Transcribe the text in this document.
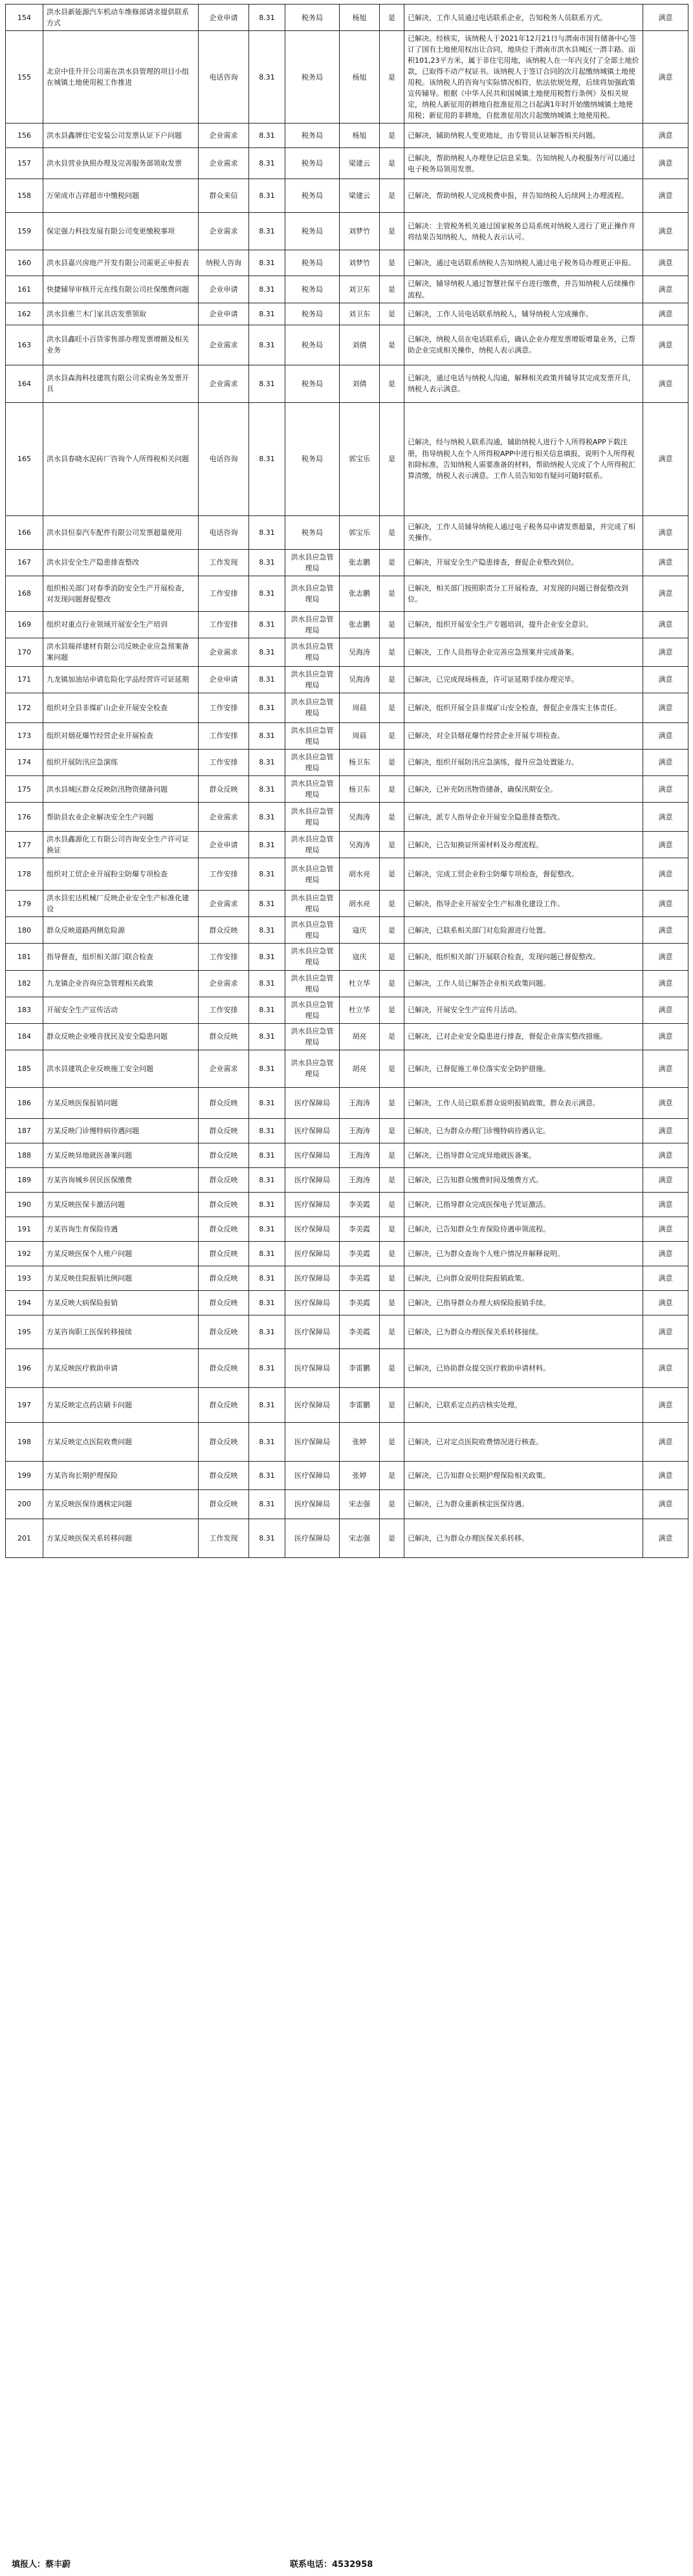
154	洪水县新能源汽车机动车维修部请求提供联系方式	企业申请	8.31	税务局	杨旭	是	已解决，工作人员通过电话联系企业，告知税务人员联系方式。	满意
155	北京中佳升开公司需在洪水县管理的项目小组在城镇土地使用税工作推进	电话咨询	8.31	税务局	杨旭	是	已解决。经核实，该纳税人于2021年12月21日与渭南市国有储备中心签订了国有土地使用权出让合同，地块位于渭南市洪水县城区一渭丰路。面积101,23平方米，属于非住宅用地，该纳税人在一年内支付了全部土地价款，已取得不动产权证书。该纳税人于签订合同的次月起缴纳城镇土地使用税。该纳税人的咨询与实际情况相符，依法依规处理，后续将加强政策宣传辅导。根据《中华人民共和国城镇土地使用税暂行条例》及相关规定，纳税人新征用的耕地自批准征用之日起满1年时开始缴纳城镇土地使用税；新征用的非耕地，自批准征用次月起缴纳城镇土地使用税。	满意
156	洪水县鑫牌住宅安装公司发票认证下户问题	企业需求	8.31	税务局	杨旭	是	已解决，辅助纳税人变更地址，由专管员认证解答相关问题。	满意
157	洪水县营业执照办理及完善服务部领取发票	企业需求	8.31	税务局	梁建云	是	已解决，帮助纳税人办理登记信息采集。告知纳税人办税服务厅可以通过电子税务局领用发票。	满意
158	万荣成市吉祥超市中缴税问题	群众来信	8.31	税务局	梁建云	是	已解决，帮助纳税人完成税费申报，并告知纳税人后续网上办理流程。	满意
159	保定强力科技发展有限公司变更缴税事项	企业需求	8.31	税务局	刘梦竹	是	已解决：主管税务机关通过国家税务总局系统对纳税人进行了更正操作并将结果告知纳税人，纳税人表示认可。	满意
160	洪水县嘉兴房地产开发有限公司需更正申报表	纳税人咨询	8.31	税务局	刘梦竹	是	已解决，通过电话联系纳税人告知纳税人通过电子税务局办理更正申报。	满意
161	快捷辅导审核开元在线有限公司社保缴费问题	企业申请	8.31	税务局	刘卫东	是	已解决，辅导纳税人通过智慧社保平台进行缴费，并告知纳税人后续操作流程。	满意
162	洪水县雅兰木门家具店发票领取	企业申请	8.31	税务局	刘卫东	是	已解决，工作人员电话联系纳税人，辅导纳税人完成操作。	满意
163	洪水县鑫旺小百货零售部办理发票增额及相关业务	企业需求	8.31	税务局	刘倩	是	已解决，纳税人员在电话联系后，确认企业办理发票增版增量业务，已帮助企业完成相关操作，纳税人表示满意。	满意
164	洪水县森海科技建筑有限公司采购业务发票开具	企业需求	8.31	税务局	刘倩	是	已解决，通过电话与纳税人沟通，解释相关政策并辅导其完成发票开具，纳税人表示满意。	满意
165	洪水县春晓水泥砖厂咨询个人所得税相关问题	电话咨询	8.31	税务局	郭宝乐	是	已解决，经与纳税人联系沟通，辅助纳税人进行个人所得税APP下载注册，指导纳税人在个人所得税APP中进行相关信息填报，说明个人所得税扣除标准，告知纳税人需要准备的材料，帮助纳税人完成了个人所得税汇算清缴，纳税人表示满意。工作人员告知如有疑问可随时联系。	满意
166	洪水县恒泰汽车配件有限公司发票超量使用	电话咨询	8.31	税务局	郭宝乐	是	已解决，工作人员辅导纳税人通过电子税务局申请发票超量，并完成了相关操作。	满意
167	洪水县安全生产隐患排查整改	工作发现	8.31	洪水县应急管理局	张志鹏	是	已解决，开展安全生产隐患排查，督促企业整改到位。	满意
168	组织相关部门对春季消防安全生产开展检查，对发现问题督促整改	工作安排	8.31	洪水县应急管理局	张志鹏	是	已解决，相关部门按照职责分工开展检查，对发现的问题已督促整改到位。	满意
169	组织对重点行业领域开展安全生产培训	工作安排	8.31	洪水县应急管理局	张志鹏	是	已解决，组织开展安全生产专题培训，提升企业安全意识。	满意
170	洪水县瑞祥建材有限公司反映企业应急预案备案问题	企业需求	8.31	洪水县应急管理局	吴海涛	是	已解决，工作人员指导企业完善应急预案并完成备案。	满意
171	九龙镇加油站申请危险化学品经营许可证延期	企业申请	8.31	洪水县应急管理局	吴海涛	是	已解决，已完成现场核查，许可证延期手续办理完毕。	满意
172	组织对全县非煤矿山企业开展安全检查	工作安排	8.31	洪水县应急管理局	周晨	是	已解决，组织开展全县非煤矿山安全检查，督促企业落实主体责任。	满意
173	组织对烟花爆竹经营企业开展检查	工作安排	8.31	洪水县应急管理局	周晨	是	已解决，对全县烟花爆竹经营企业开展专项检查。	满意
174	组织开展防汛应急演练	工作安排	8.31	洪水县应急管理局	杨卫东	是	已解决，组织开展防汛应急演练，提升应急处置能力。	满意
175	洪水县城区群众反映防汛物资储备问题	群众反映	8.31	洪水县应急管理局	杨卫东	是	已解决，已补充防汛物资储备，确保汛期安全。	满意
176	帮助县农业企业解决安全生产问题	企业需求	8.31	洪水县应急管理局	吴海涛	是	已解决，派专人指导企业开展安全隐患排查整改。	满意
177	洪水县鑫源化工有限公司咨询安全生产许可证换证	企业申请	8.31	洪水县应急管理局	吴海涛	是	已解决，已告知换证所需材料及办理流程。	满意
178	组织对工贸企业开展粉尘防爆专项检查	工作安排	8.31	洪水县应急管理局	胡水亮	是	已解决，完成工贸企业粉尘防爆专项检查，督促整改。	满意
179	洪水县宏达机械厂反映企业安全生产标准化建设	企业需求	8.31	洪水县应急管理局	胡水亮	是	已解决，指导企业开展安全生产标准化建设工作。	满意
180	群众反映道路两侧危险源	群众反映	8.31	洪水县应急管理局	寇庆	是	已解决，已联系相关部门对危险源进行处置。	满意
181	指导督查，组织相关部门联合检查	工作安排	8.31	洪水县应急管理局	寇庆	是	已解决，组织相关部门开展联合检查，发现问题已督促整改。	满意
182	九龙镇企业咨询应急管理相关政策	企业需求	8.31	洪水县应急管理局	杜立华	是	已解决，工作人员已解答企业相关政策问题。	满意
183	开展安全生产宣传活动	工作安排	8.31	洪水县应急管理局	杜立华	是	已解决，开展安全生产宣传月活动。	满意
184	群众反映企业噪音扰民及安全隐患问题	群众反映	8.31	洪水县应急管理局	胡亮	是	已解决，已对企业安全隐患进行排查，督促企业落实整改措施。	满意
185	洪水县建筑企业反映施工安全问题	企业需求	8.31	洪水县应急管理局	胡亮	是	已解决，已督促施工单位落实安全防护措施。	满意
186	方某反映医保报销问题	群众反映	8.31	医疗保障局	王海涛	是	已解决，工作人员已联系群众说明报销政策，群众表示满意。	满意
187	方某反映门诊慢特病待遇问题	群众反映	8.31	医疗保障局	王海涛	是	已解决，已为群众办理门诊慢特病待遇认定。	满意
188	方某反映异地就医备案问题	群众反映	8.31	医疗保障局	王海涛	是	已解决，已指导群众完成异地就医备案。	满意
189	方某咨询城乡居民医保缴费	群众反映	8.31	医疗保障局	王海涛	是	已解决，已告知群众缴费时间及缴费方式。	满意
190	方某反映医保卡激活问题	群众反映	8.31	医疗保障局	李美霞	是	已解决，已指导群众完成医保电子凭证激活。	满意
191	方某咨询生育保险待遇	群众反映	8.31	医疗保障局	李美霞	是	已解决，已告知群众生育保险待遇申领流程。	满意
192	方某反映医保个人账户问题	群众反映	8.31	医疗保障局	李美霞	是	已解决，已为群众查询个人账户情况并解释说明。	满意
193	方某反映住院报销比例问题	群众反映	8.31	医疗保障局	李美霞	是	已解决，已向群众说明住院报销政策。	满意
194	方某反映大病保险报销	群众反映	8.31	医疗保障局	李美霞	是	已解决，已指导群众办理大病保险报销手续。	满意
195	方某咨询职工医保转移接续	群众反映	8.31	医疗保障局	李美霞	是	已解决，已为群众办理医保关系转移接续。	满意
196	方某反映医疗救助申请	群众反映	8.31	医疗保障局	李雷鹏	是	已解决，已协助群众提交医疗救助申请材料。	满意
197	方某反映定点药店刷卡问题	群众反映	8.31	医疗保障局	李雷鹏	是	已解决，已联系定点药店核实处理。	满意
198	方某反映定点医院收费问题	群众反映	8.31	医疗保障局	张婷	是	已解决，已对定点医院收费情况进行核查。	满意
199	方某咨询长期护理保险	群众反映	8.31	医疗保障局	张婷	是	已解决，已告知群众长期护理保险相关政策。	满意
200	方某反映医保待遇核定问题	群众反映	8.31	医疗保障局	宋志强	是	已解决，已为群众重新核定医保待遇。	满意
201	方某反映医保关系转移问题	工作发现	8.31	医疗保障局	宋志强	是	已解决，已为群众办理医保关系转移。	满意
填报人：蔡丰蔚	联系电话：4532958
